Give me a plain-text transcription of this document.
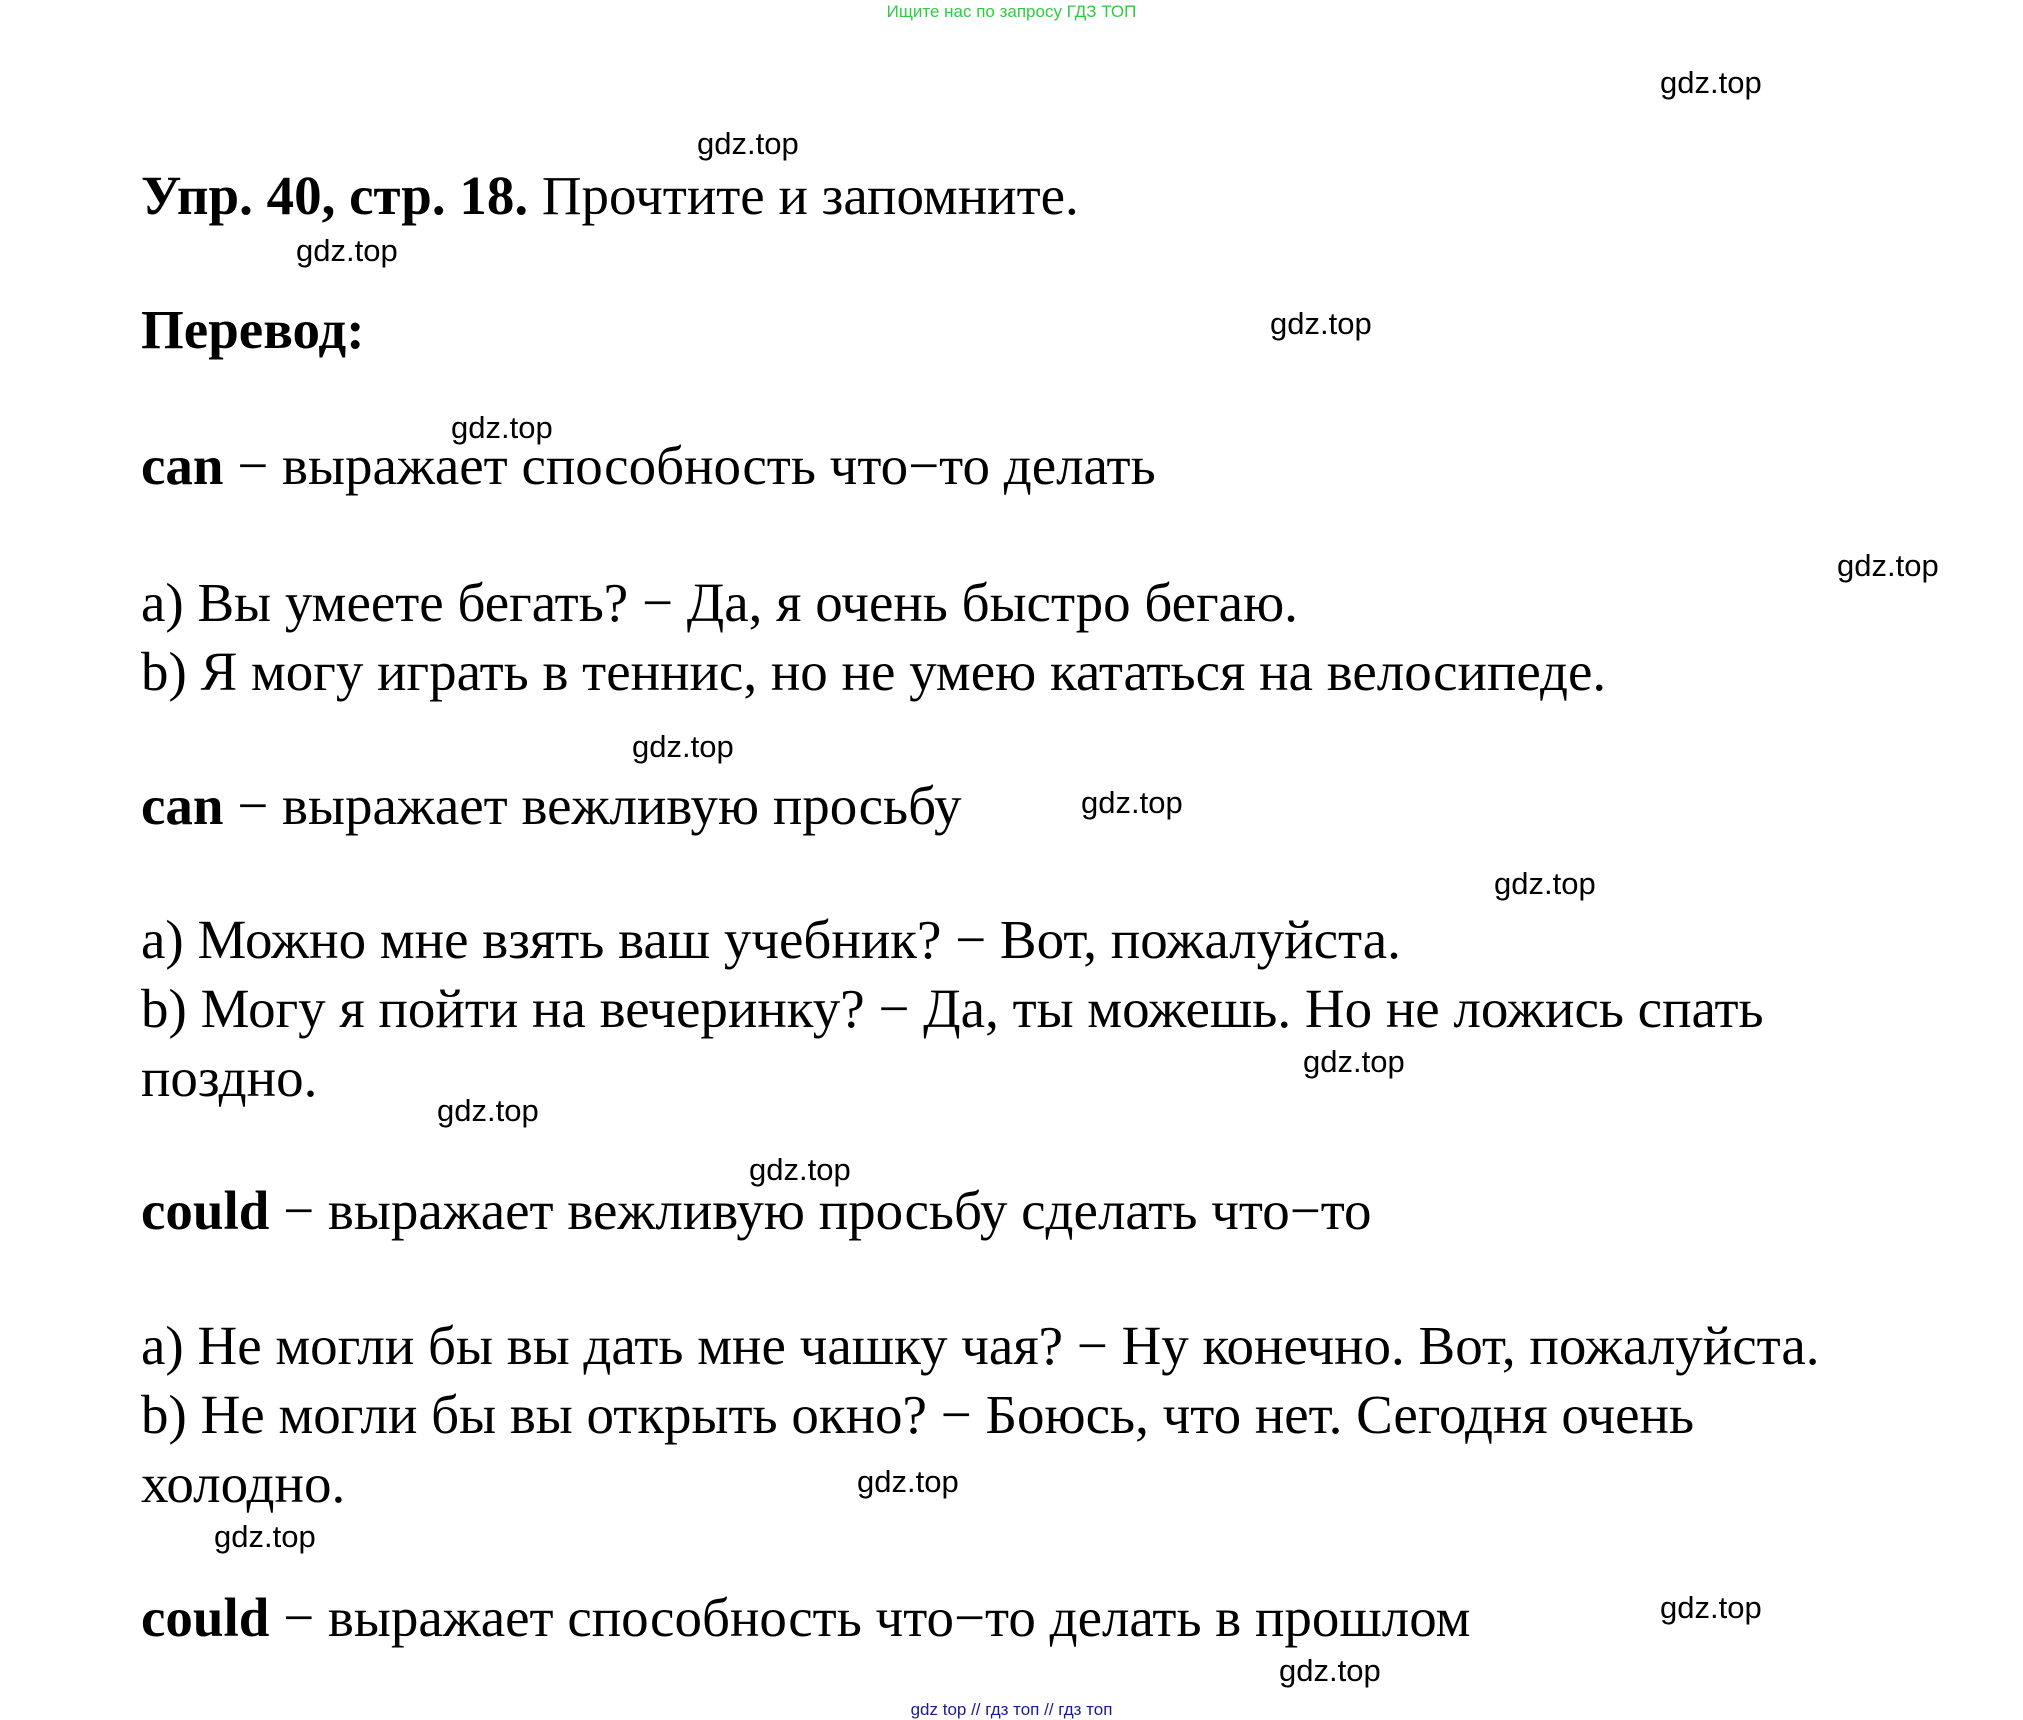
Ищите нас по запросу ГДЗ ТОП
gdz.top
gdz.top
gdz.top
gdz.top
gdz.top
gdz.top
gdz.top
gdz.top
gdz.top
gdz.top
gdz.top
gdz.top
gdz.top
gdz.top
gdz.top
gdz.top
Упр. 40, стр. 18. Прочтите и запомните.
Перевод:
can − выражает способность что−то делать
a) Вы умеете бегать? − Да, я очень быстро бегаю.
b) Я могу играть в теннис, но не умею кататься на велосипеде.
can − выражает вежливую просьбу
a) Можно мне взять ваш учебник? − Вот, пожалуйста.
b) Могу я пойти на вечеринку? − Да, ты можешь. Но не ложись спать
поздно.
could − выражает вежливую просьбу сделать что−то
a) Не могли бы вы дать мне чашку чая? − Ну конечно. Вот, пожалуйста.
b) Не могли бы вы открыть окно? − Боюсь, что нет. Сегодня очень
холодно.
could − выражает способность что−то делать в прошлом
gdz top // гдз топ // гдз топ
